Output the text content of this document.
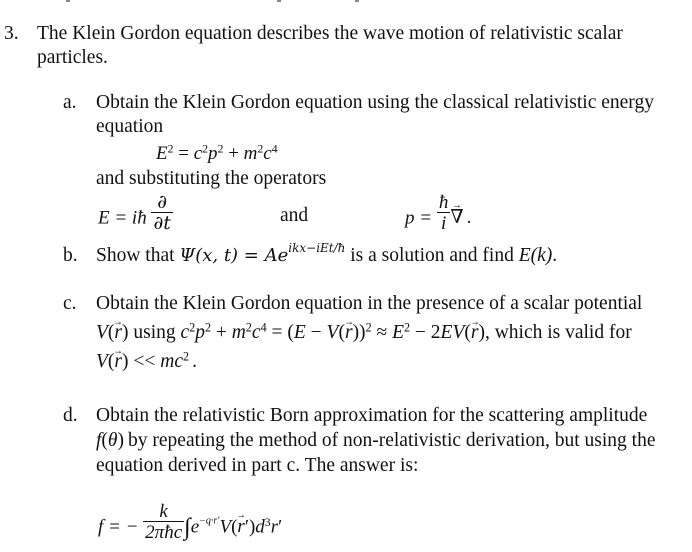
3. The Klein Gordon equation describes the wave motion of relativistic scalar
particles.
a. Obtain the Klein Gordon equation using the classical relativistic energy
equation
$E^2 = c^2p^2 + m^2c^4$
and substituting the operators
E = iħ $\frac{\partial}{\partial t}$	and	$p = \frac{ħ}{i}$ → ∇ .
b. Show that Ψ(x, $t) = Ae^{ikx-iEt/ħ}$ is a solution and find E(k).
c. Obtain the Klein Gordon equation in the presence of a scalar potential
V(→ r) using $c^2p^2 + m^2c^4 = (E - V(\to r))^2 \approx E^2 - 2EV(\to r)$, which is valid for
$V(\to r) << mc^2$ .
d. Obtain the relativistic Born approximation for the scattering amplitude
f(θ) by repeating the method of non-relativistic derivation, but using the
equation derived in part c. The answer is:
f = − $\frac{k}{\text{2πħc}} \int e^{-q\cdot r'}V(\to r')d^3r'$
